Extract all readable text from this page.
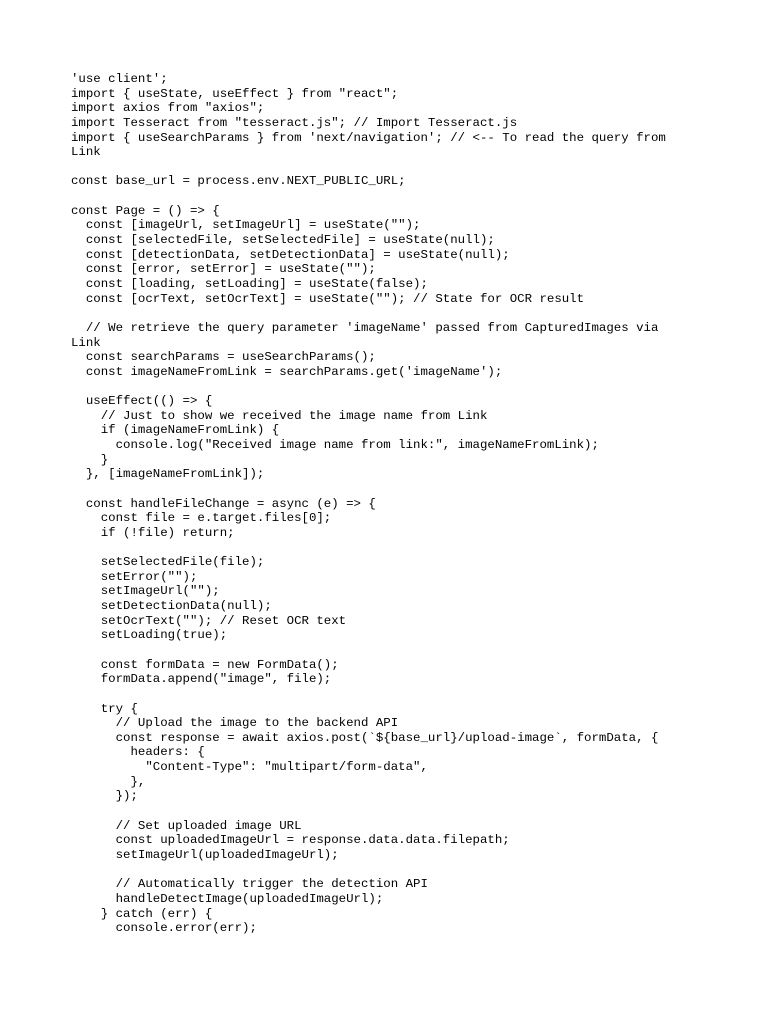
'use client';
import { useState, useEffect } from "react";
import axios from "axios";
import Tesseract from "tesseract.js"; // Import Tesseract.js
import { useSearchParams } from 'next/navigation'; // <-- To read the query from
Link
const base_url = process.env.NEXT_PUBLIC_URL;
const Page = () => {
const [imageUrl, setImageUrl] = useState("");
const [selectedFile, setSelectedFile] = useState(null);
const [detectionData, setDetectionData] = useState(null);
const [error, setError] = useState("");
const [loading, setLoading] = useState(false);
const [ocrText, setOcrText] = useState(""); // State for OCR result
// We retrieve the query parameter 'imageName' passed from CapturedImages via
Link
const searchParams = useSearchParams();
const imageNameFromLink = searchParams.get('imageName');
useEffect(() => {
// Just to show we received the image name from Link
if (imageNameFromLink) {
console.log("Received image name from link:", imageNameFromLink);
}
}, [imageNameFromLink]);
const handleFileChange = async (e) => {
const file = e.target.files[0];
if (!file) return;
setSelectedFile(file);
setError("");
setImageUrl("");
setDetectionData(null);
setOcrText(""); // Reset OCR text
setLoading(true);
const formData = new FormData();
formData.append("image", file);
try {
// Upload the image to the backend API
const response = await axios.post(`${base_url}/upload-image`, formData, {
headers: {
"Content-Type": "multipart/form-data",
},
});
// Set uploaded image URL
const uploadedImageUrl = response.data.data.filepath;
setImageUrl(uploadedImageUrl);
// Automatically trigger the detection API
handleDetectImage(uploadedImageUrl);
} catch (err) {
console.error(err);
